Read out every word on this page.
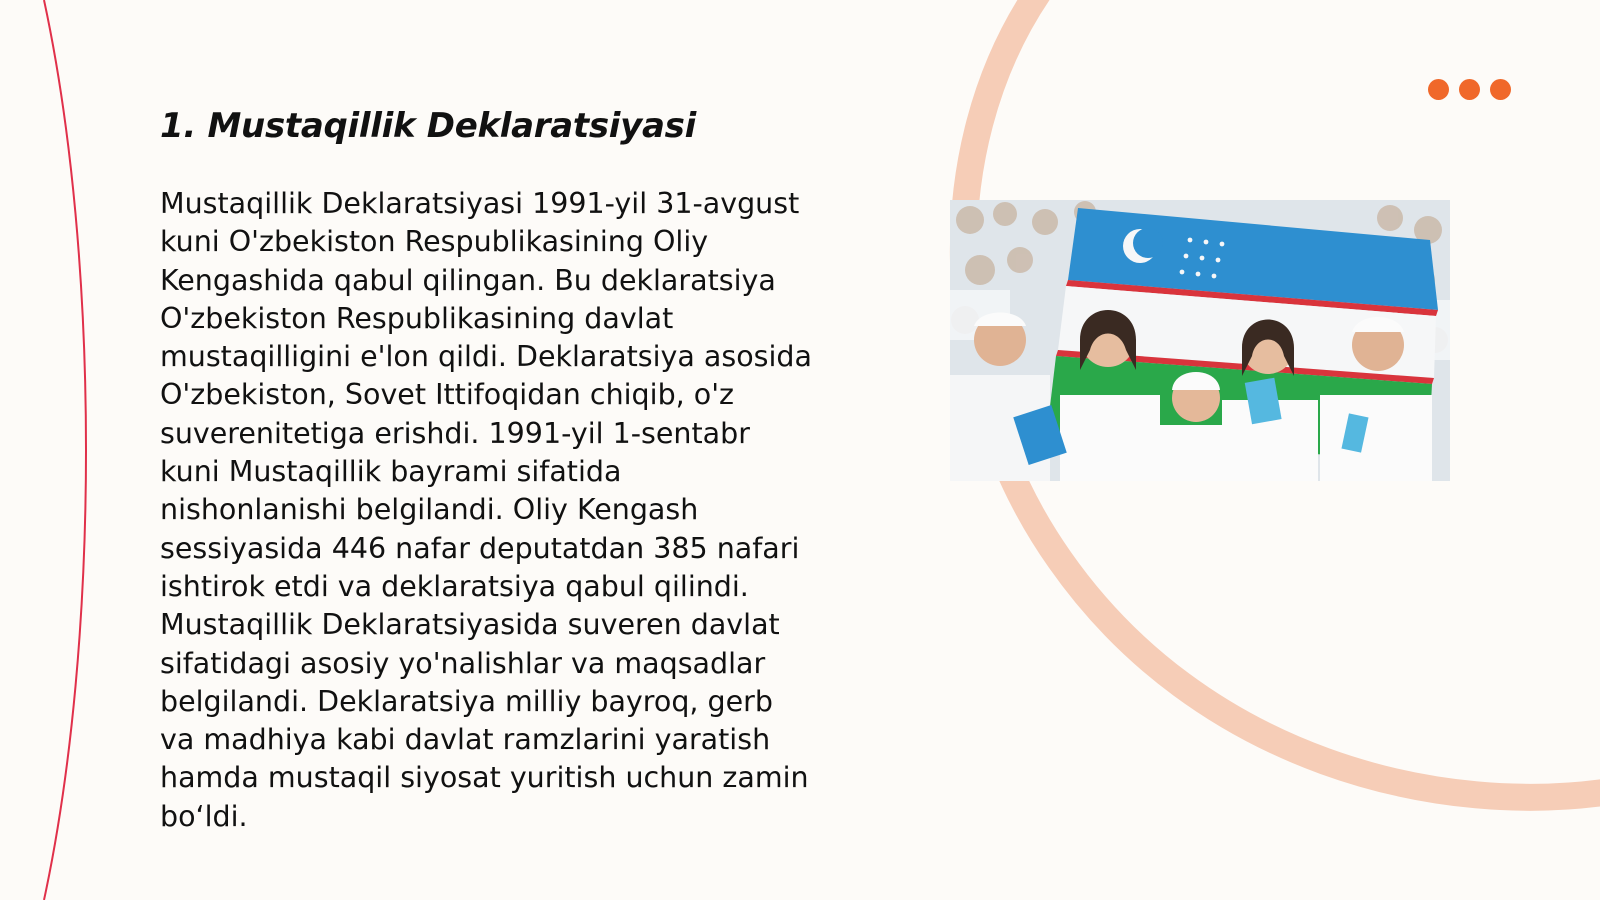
1. Mustaqillik Deklaratsiyasi
Mustaqillik Deklaratsiyasi 1991-yil 31-avgust
kuni O'zbekiston Respublikasining Oliy
Kengashida qabul qilingan. Bu deklaratsiya
O'zbekiston Respublikasining davlat
mustaqilligini e'lon qildi. Deklaratsiya asosida
O'zbekiston, Sovet Ittifoqidan chiqib, o'z
suverenitetiga erishdi. 1991-yil 1-sentabr
kuni Mustaqillik bayrami sifatida
nishonlanishi belgilandi. Oliy Kengash
sessiyasida 446 nafar deputatdan 385 nafari
ishtirok etdi va deklaratsiya qabul qilindi.
Mustaqillik Deklaratsiyasida suveren davlat
sifatidagi asosiy yo'nalishlar va maqsadlar
belgilandi. Deklaratsiya milliy bayroq, gerb
va madhiya kabi davlat ramzlarini yaratish
hamda mustaqil siyosat yuritish uchun zamin
bo‘ldi.
